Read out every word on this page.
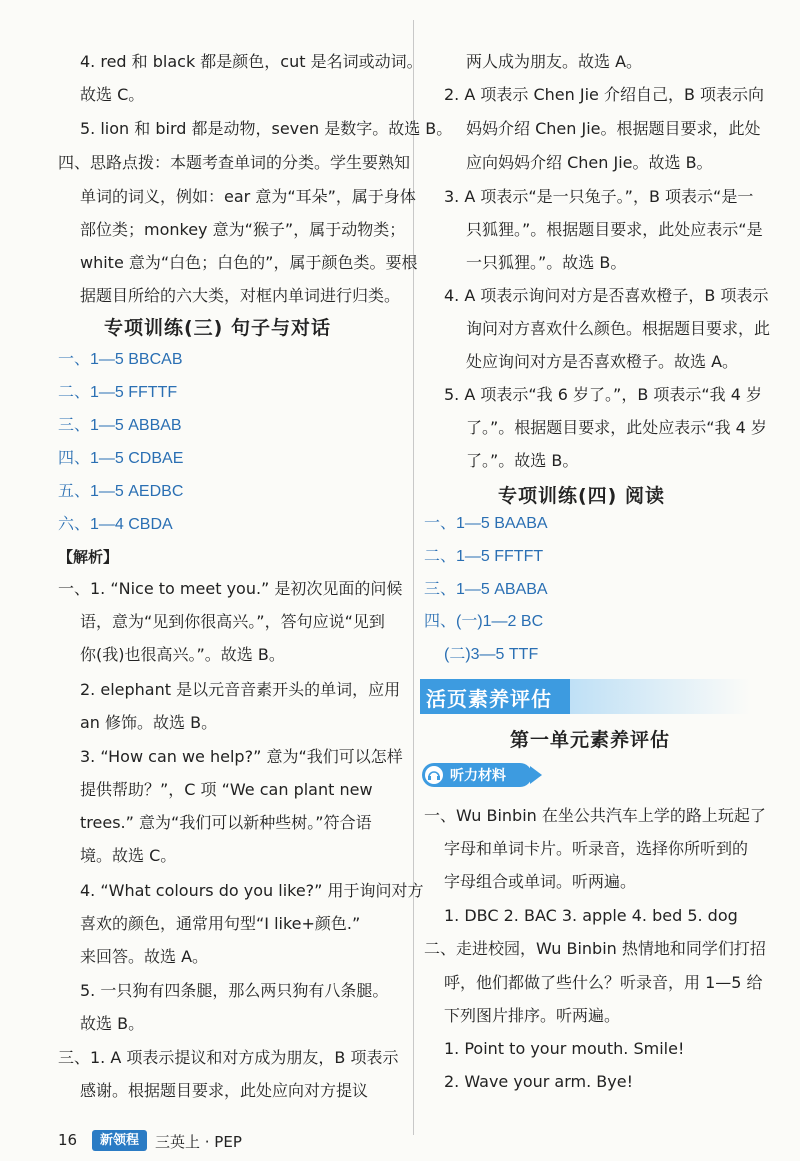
4. red 和 black 都是颜色，cut 是名词或动词。
故选 C。
5. lion 和 bird 都是动物，seven 是数字。故选 B。
四、思路点拨：本题考查单词的分类。学生要熟知
单词的词义，例如：ear 意为“耳朵”，属于身体
部位类；monkey 意为“猴子”，属于动物类；
white 意为“白色；白色的”，属于颜色类。要根
据题目所给的六大类，对框内单词进行归类。
专项训练(三) 句子与对话
一、1—5 BBCAB
二、1—5 FFTTF
三、1—5 ABBAB
四、1—5 CDBAE
五、1—5 AEDBC
六、1—4 CBDA
【解析】
一、1. “Nice to meet you.” 是初次见面的问候
语，意为“见到你很高兴。”，答句应说“见到
你(我)也很高兴。”。故选 B。
2. elephant 是以元音音素开头的单词，应用
an 修饰。故选 B。
3. “How can we help?” 意为“我们可以怎样
提供帮助？”，C 项 “We can plant new
trees.” 意为“我们可以新种些树。”符合语
境。故选 C。
4. “What colours do you like?” 用于询问对方
喜欢的颜色，通常用句型“I like+颜色.”
来回答。故选 A。
5. 一只狗有四条腿，那么两只狗有八条腿。
故选 B。
三、1. A 项表示提议和对方成为朋友，B 项表示
感谢。根据题目要求，此处应向对方提议
两人成为朋友。故选 A。
2. A 项表示 Chen Jie 介绍自己，B 项表示向
妈妈介绍 Chen Jie。根据题目要求，此处
应向妈妈介绍 Chen Jie。故选 B。
3. A 项表示“是一只兔子。”，B 项表示“是一
只狐狸。”。根据题目要求，此处应表示“是
一只狐狸。”。故选 B。
4. A 项表示询问对方是否喜欢橙子，B 项表示
询问对方喜欢什么颜色。根据题目要求，此
处应询问对方是否喜欢橙子。故选 A。
5. A 项表示“我 6 岁了。”，B 项表示“我 4 岁
了。”。根据题目要求，此处应表示“我 4 岁
了。”。故选 B。
专项训练(四) 阅读
一、1—5 BAABA
二、1—5 FFTFT
三、1—5 ABABA
四、(一)1—2 BC
(二)3—5 TTF
活页素养评估
第一单元素养评估
听力材料
一、Wu Binbin 在坐公共汽车上学的路上玩起了
字母和单词卡片。听录音，选择你所听到的
字母组合或单词。听两遍。
1. DBC 2. BAC 3. apple 4. bed 5. dog
二、走进校园，Wu Binbin 热情地和同学们打招
呼，他们都做了些什么？听录音，用 1—5 给
下列图片排序。听两遍。
1. Point to your mouth. Smile!
2. Wave your arm. Bye!
16	新领程	三英上 · PEP
